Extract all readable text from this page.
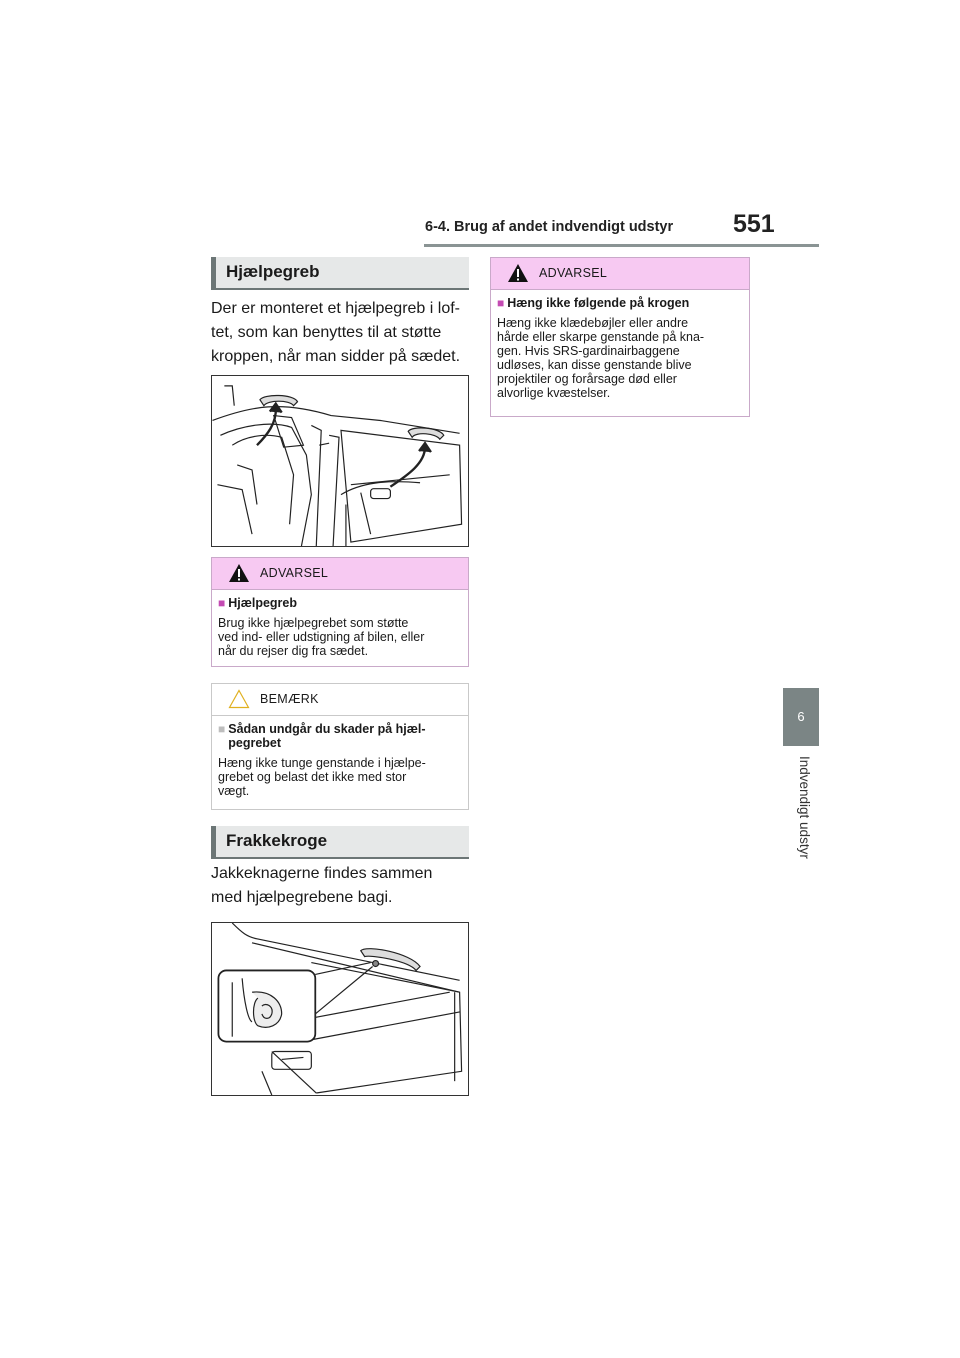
6-4. Brug af andet indvendigt udstyr 551
6
Indvendigt udstyr
Hjælpegreb
Der er monteret et hjælpegreb i lof-
tet, som kan benyttes til at støtte
kroppen, når man sidder på sædet.
ADVARSEL
■ Hjælpegreb
Brug ikke hjælpegrebet som støtte
ved ind- eller udstigning af bilen, eller
når du rejser dig fra sædet.
BEMÆRK
■ Sådan undgår du skader på hjæl-
pegrebet
Hæng ikke tunge genstande i hjælpe-
grebet og belast det ikke med stor
vægt.
Frakkekroge
Jakkeknagerne findes sammen
med hjælpegrebene bagi.
ADVARSEL
■ Hæng ikke følgende på krogen
Hæng ikke klædebøjler eller andre
hårde eller skarpe genstande på kna-
gen. Hvis SRS-gardinairbaggene
udløses, kan disse genstande blive
projektiler og forårsage død eller
alvorlige kvæstelser.
